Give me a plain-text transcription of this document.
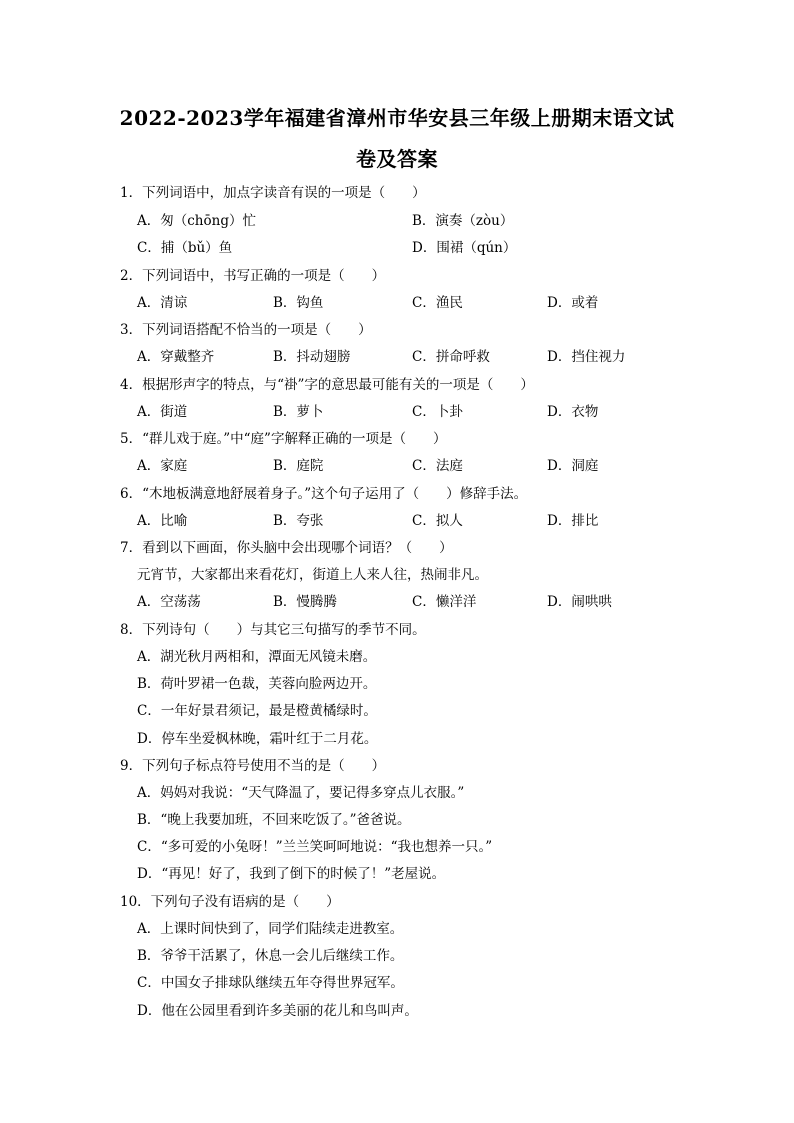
2022-2023学年福建省漳州市华安县三年级上册期末语文试
卷及答案
1．下列词语中，加点字读音有误的一项是（　　）
A．匆（chōng）忙	B．演奏（zòu）
C．捕（bǔ）鱼	D．围裙（qún）
2．下列词语中，书写正确的一项是（　　）
A．清谅	B．钩鱼	C．渔民	D．或着
3．下列词语搭配不恰当的一项是（　　）
A．穿戴整齐	B．抖动翅膀	C．拼命呼救	D．挡住视力
4．根据形声字的特点，与“褂”字的意思最可能有关的一项是（　　）
A．街道	B．萝卜	C．卜卦	D．衣物
5．“群儿戏于庭。”中“庭”字解释正确的一项是（　　）
A．家庭	B．庭院	C．法庭	D．洞庭
6．“木地板满意地舒展着身子。”这个句子运用了（　　）修辞手法。
A．比喻	B．夸张	C．拟人	D．排比
7．看到以下画面，你头脑中会出现哪个词语？（　　）
元宵节，大家都出来看花灯，街道上人来人往，热闹非凡。
A．空荡荡	B．慢腾腾	C．懒洋洋	D．闹哄哄
8．下列诗句（　　）与其它三句描写的季节不同。
A．湖光秋月两相和，潭面无风镜未磨。
B．荷叶罗裙一色裁，芙蓉向脸两边开。
C．一年好景君须记，最是橙黄橘绿时。
D．停车坐爱枫林晚，霜叶红于二月花。
9．下列句子标点符号使用不当的是（　　）
A．妈妈对我说：“天气降温了，要记得多穿点儿衣服。”
B．“晚上我要加班，不回来吃饭了。”爸爸说。
C．“多可爱的小兔呀！”兰兰笑呵呵地说：“我也想养一只。”
D．“再见！好了，我到了倒下的时候了！”老屋说。
10．下列句子没有语病的是（　　）
A．上课时间快到了，同学们陆续走进教室。
B．爷爷干活累了，休息一会儿后继续工作。
C．中国女子排球队继续五年夺得世界冠军。
D．他在公园里看到许多美丽的花儿和鸟叫声。
